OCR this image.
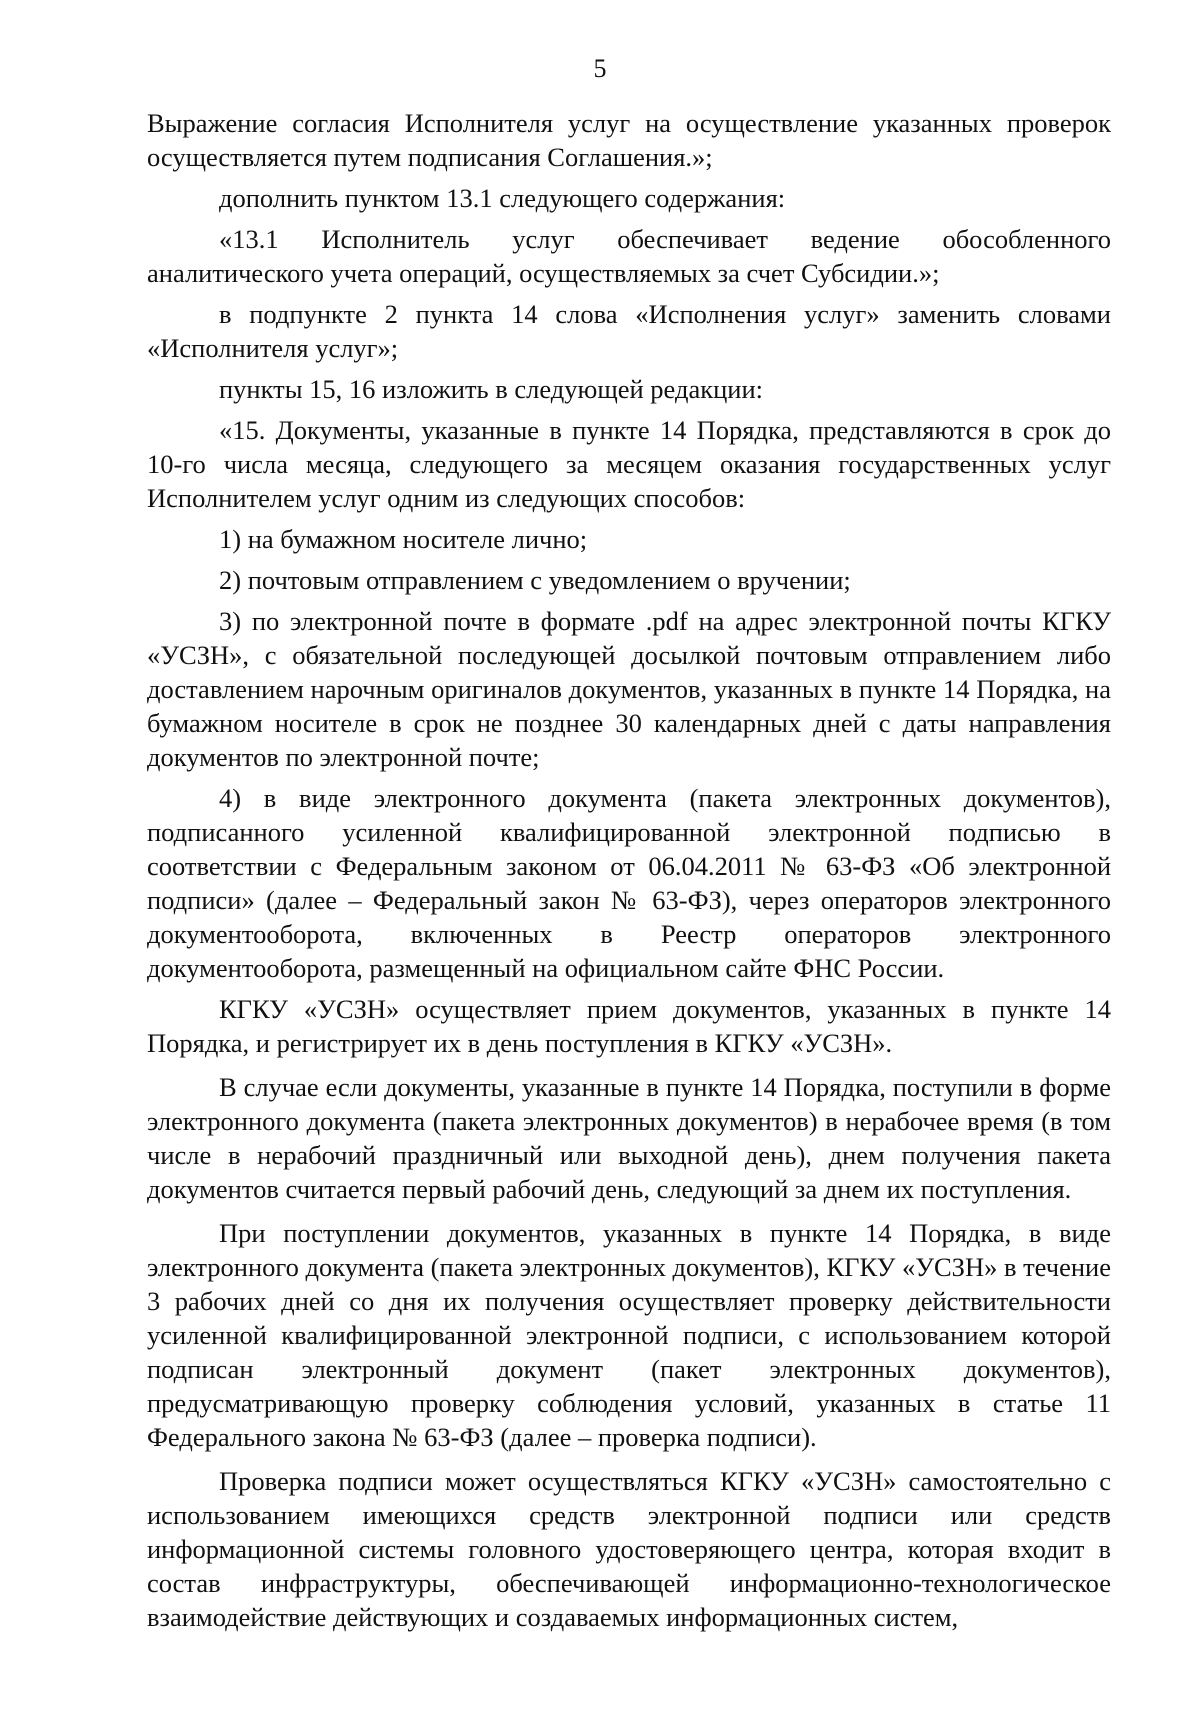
5

Выражение согласия Исполнителя услуг на осуществление указанных проверок осуществляется путем подписания Соглашения.»;

дополнить пунктом 13.1 следующего содержания:

«13.1 Исполнитель услуг обеспечивает ведение обособленного аналитического учета операций, осуществляемых за счет Субсидии.»;

в подпункте 2 пункта 14 слова «Исполнения услуг» заменить словами «Исполнителя услуг»;

пункты 15, 16 изложить в следующей редакции:

«15. Документы, указанные в пункте 14 Порядка, представляются в срок до 10-го числа месяца, следующего за месяцем оказания государственных услуг Исполнителем услуг одним из следующих способов:

1) на бумажном носителе лично;

2) почтовым отправлением с уведомлением о вручении;

3) по электронной почте в формате .pdf на адрес электронной почты КГКУ «УСЗН», с обязательной последующей досылкой почтовым отправлением либо доставлением нарочным оригиналов документов, указанных в пункте 14 Порядка, на бумажном носителе в срок не позднее 30 календарных дней с даты направления документов по электронной почте;

4) в виде электронного документа (пакета электронных документов), подписанного усиленной квалифицированной электронной подписью в соответствии с Федеральным законом от 06.04.2011 № 63-ФЗ «Об электронной подписи» (далее – Федеральный закон № 63-ФЗ), через операторов электронного документооборота, включенных в Реестр операторов электронного документооборота, размещенный на официальном сайте ФНС России.

КГКУ «УСЗН» осуществляет прием документов, указанных в пункте 14 Порядка, и регистрирует их в день поступления в КГКУ «УСЗН».

В случае если документы, указанные в пункте 14 Порядка, поступили в форме электронного документа (пакета электронных документов) в нерабочее время (в том числе в нерабочий праздничный или выходной день), днем получения пакета документов считается первый рабочий день, следующий за днем их поступления.

При поступлении документов, указанных в пункте 14 Порядка, в виде электронного документа (пакета электронных документов), КГКУ «УСЗН» в течение 3 рабочих дней со дня их получения осуществляет проверку действительности усиленной квалифицированной электронной подписи, с использованием которой подписан электронный документ (пакет электронных документов), предусматривающую проверку соблюдения условий, указанных в статье 11 Федерального закона № 63-ФЗ (далее – проверка подписи).

Проверка подписи может осуществляться КГКУ «УСЗН» самостоятельно с использованием имеющихся средств электронной подписи или средств информационной системы головного удостоверяющего центра, которая входит в состав инфраструктуры, обеспечивающей информационно-технологическое взаимодействие действующих и создаваемых информационных систем,
